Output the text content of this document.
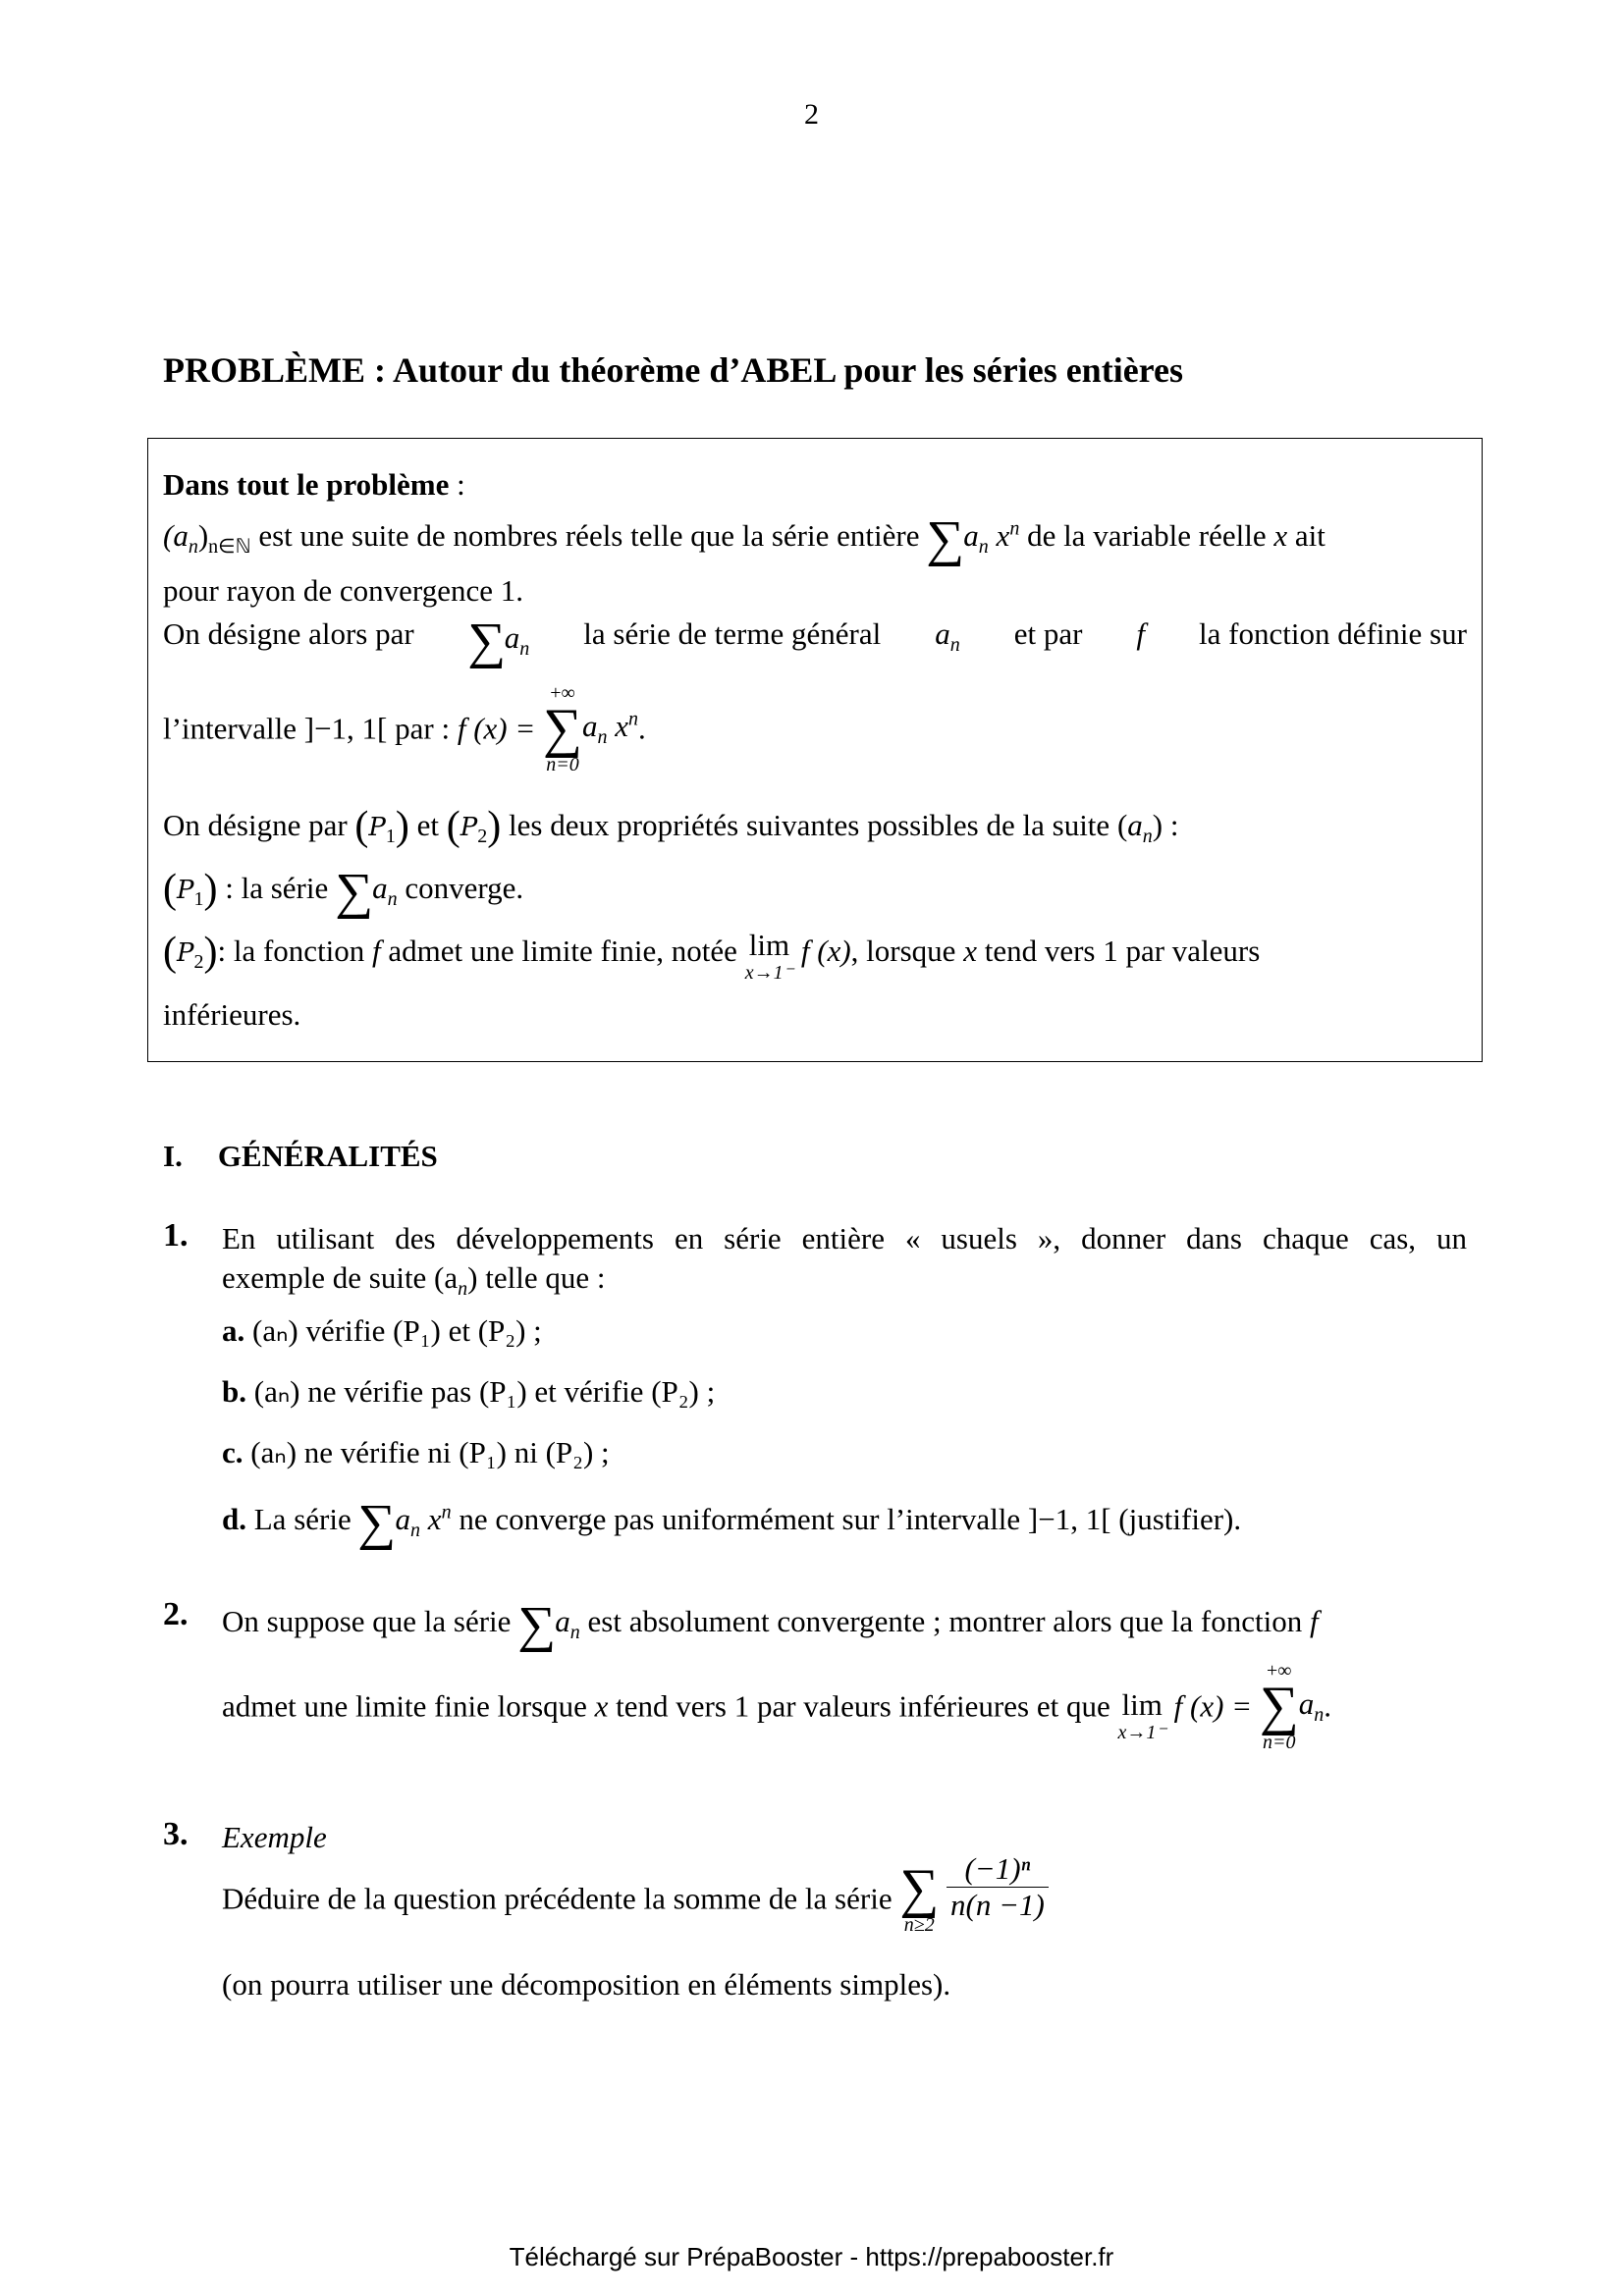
2
PROBLÈME : Autour du théorème d’ABEL pour les séries entières
Dans tout le problème :
$(a_n)_{n\in ℕ}$ est une suite de nombres réels telle que la série entière $\sum a_n$ $x^n$ de la variable réelle x ait
pour rayon de convergence 1.
On désigne alors par $\sum a_n$ la série de terme général $a_n$ et par f la fonction définie sur
l’intervalle ]−1, 1[ par : f (x) =
+∞
∑
n=0
$a_n$ $x^n$.
On désigne par $(P_1)$ et $(P_2)$ les deux propriétés suivantes possibles de la suite $(a_n)$ :
$(P_1)$ : la série $\sum a_n$ converge.
$(P_2)$: la fonction f admet une limite finie, notée lim
x→1⁻
f (x), lorsque x tend vers 1 par valeurs
inférieures.
I. GÉNÉRALITÉS
1. En utilisant des développements en série entière « usuels », donner dans chaque cas, un
exemple de suite $(a_n)$ telle que :
a. (aₙ) vérifie (P₁) et (P₂) ;
b. (aₙ) ne vérifie pas (P₁) et vérifie (P₂) ;
c. (aₙ) ne vérifie ni (P₁) ni (P₂) ;
d. La série $\sum a_n$ $x^n$ ne converge pas uniformément sur l’intervalle ]−1, 1[ (justifier).
2. On suppose que la série $\sum a_n$ est absolument convergente ; montrer alors que la fonction f
admet une limite finie lorsque x tend vers 1 par valeurs inférieures et que lim
x→1⁻
f (x) =
+∞
∑
n=0
$a_n$.
3. Exemple
Déduire de la question précédente la somme de la série ∑
n≥2

$\frac{\text{(−1)ⁿ}}{n(n -1)}$
(on pourra utiliser une décomposition en éléments simples).
Téléchargé sur PrépaBooster - https://prepabooster.fr
